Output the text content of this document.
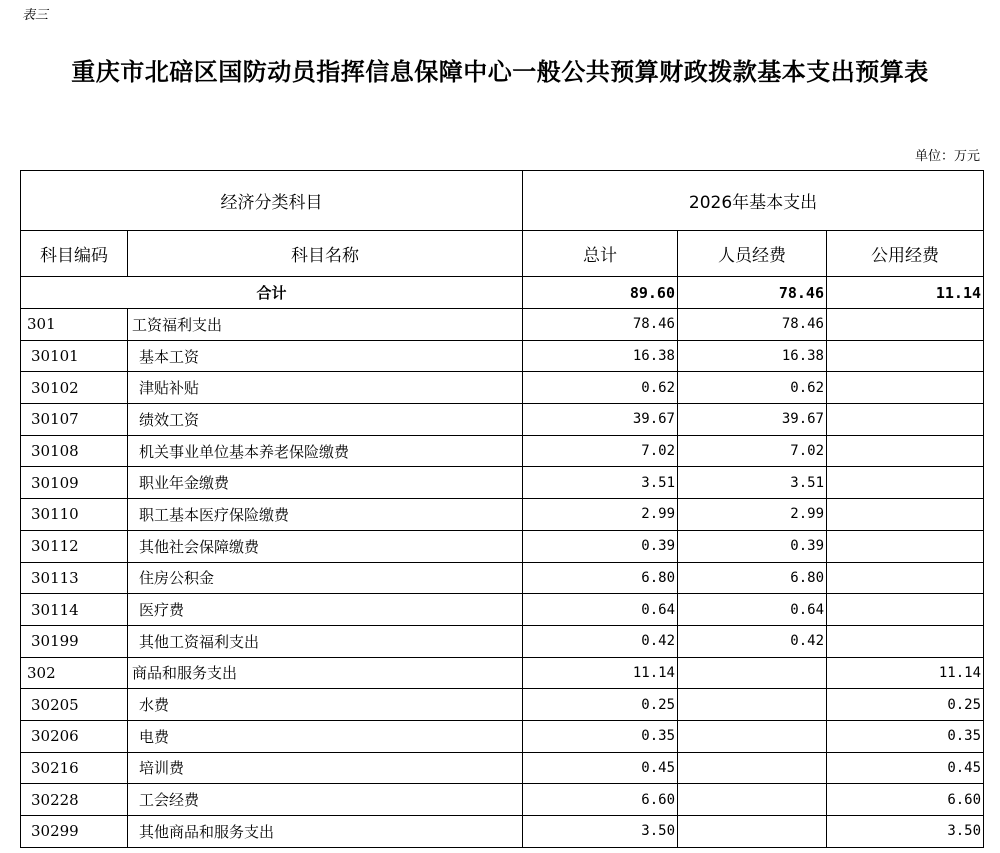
表三
重庆市北碚区国防动员指挥信息保障中心一般公共预算财政拨款基本支出预算表
单位：万元
经济分类科目		2026年基本支出		
科目编码	科目名称	总计	人员经费	公用经费
合计		89.60	78.46	11.14
301	工资福利支出	78.46	78.46	
30101	基本工资	16.38	16.38	
30102	津贴补贴	0.62	0.62	
30107	绩效工资	39.67	39.67	
30108	机关事业单位基本养老保险缴费	7.02	7.02	
30109	职业年金缴费	3.51	3.51	
30110	职工基本医疗保险缴费	2.99	2.99	
30112	其他社会保障缴费	0.39	0.39	
30113	住房公积金	6.80	6.80	
30114	医疗费	0.64	0.64	
30199	其他工资福利支出	0.42	0.42	
302	商品和服务支出	11.14		11.14
30205	水费	0.25		0.25
30206	电费	0.35		0.35
30216	培训费	0.45		0.45
30228	工会经费	6.60		6.60
30299	其他商品和服务支出	3.50		3.50
